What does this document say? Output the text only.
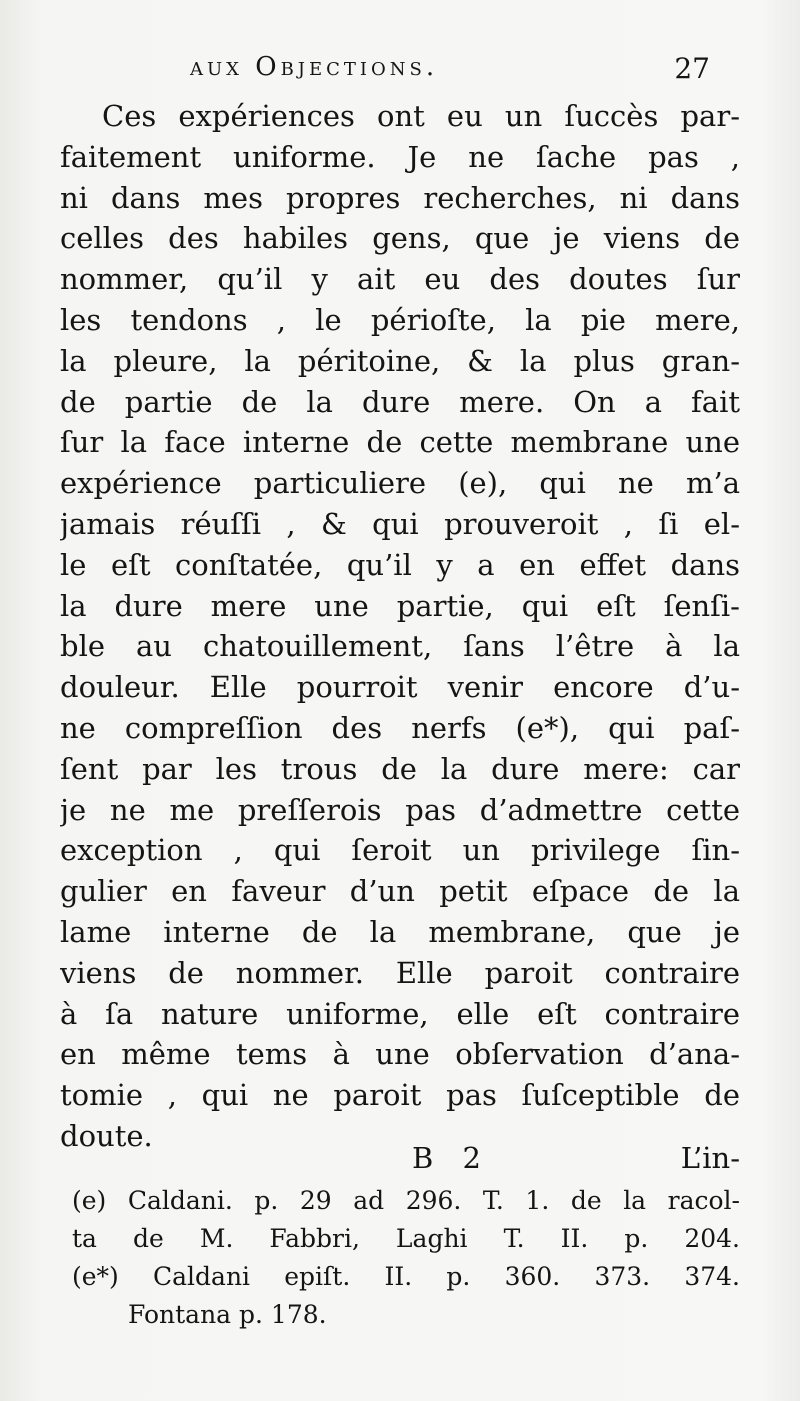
aux Objections.	27
Ces expériences ont eu un ſuccès par-
faitement uniforme. Je ne ſache pas ,
ni dans mes propres recherches, ni dans
celles des habiles gens, que je viens de
nommer, qu’il y ait eu des doutes ſur
les tendons , le périoſte, la pie mere,
la pleure, la péritoine, & la plus gran-
de partie de la dure mere. On a fait
ſur la face interne de cette membrane une
expérience particuliere (e), qui ne m’a
jamais réuſſi , & qui prouveroit , ſi el-
le eſt conſtatée, qu’il y a en effet dans
la dure mere une partie, qui eſt ſenſi-
ble au chatouillement, ſans l’être à la
douleur. Elle pourroit venir encore d’u-
ne compreſſion des nerfs (e*), qui paſ-
ſent par les trous de la dure mere: car
je ne me preſſerois pas d’admettre cette
exception , qui ſeroit un privilege ſin-
gulier en faveur d’un petit eſpace de la
lame interne de la membrane, que je
viens de nommer. Elle paroit contraire
à ſa nature uniforme, elle eſt contraire
en même tems à une obſervation d’ana-
tomie , qui ne paroit pas ſuſceptible de
doute.
B 2	L’in-
(e) Caldani. p. 29 ad 296. T. 1. de la racol-
ta de M. Fabbri, Laghi T. II. p. 204.
(e*) Caldani epiſt. II. p. 360. 373. 374.
Fontana p. 178.
